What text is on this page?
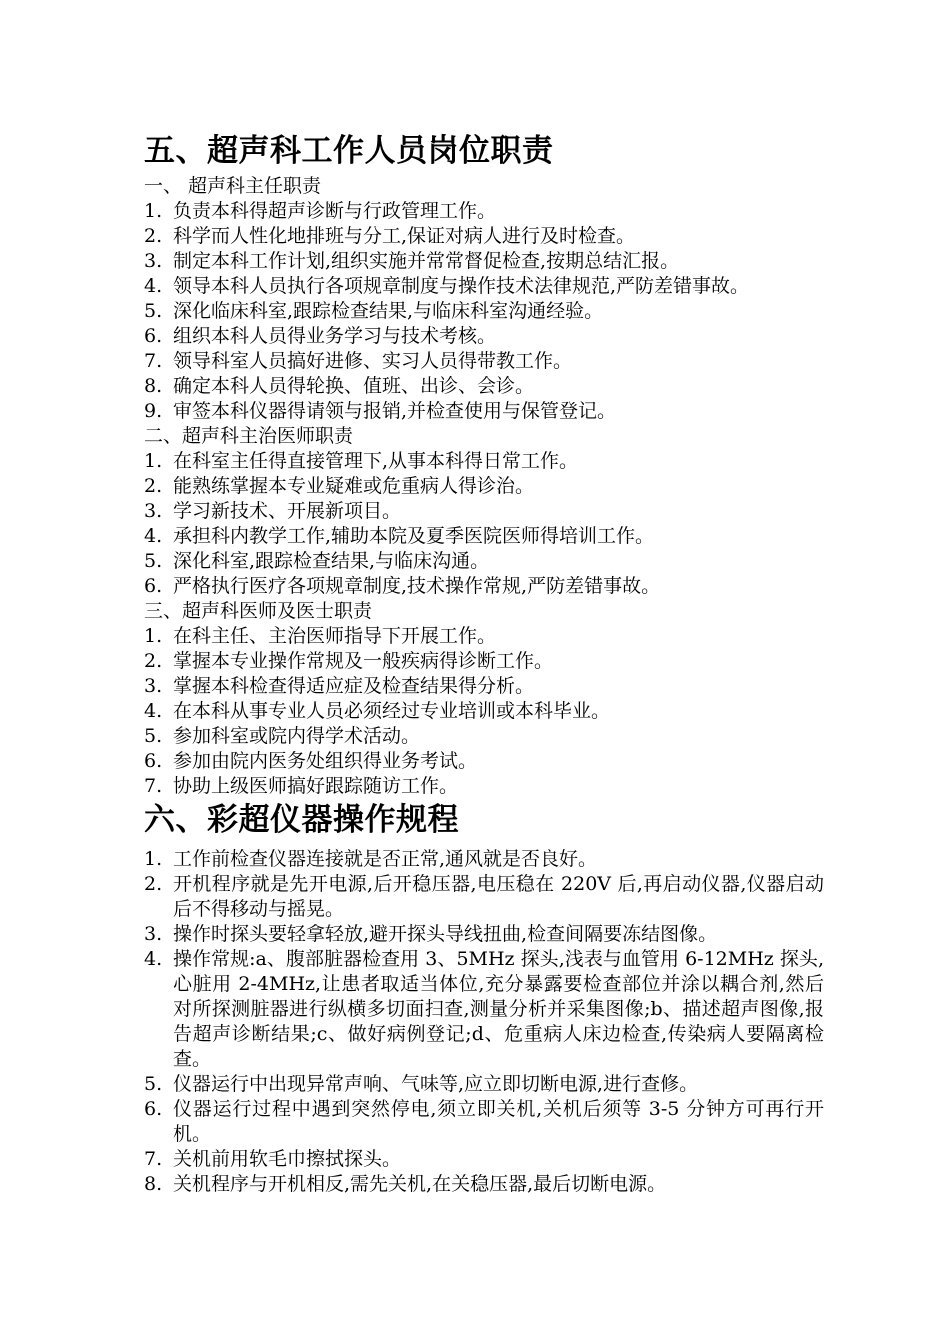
五、超声科工作人员岗位职责
一、 超声科主任职责
1. 负责本科得超声诊断与行政管理工作。
2. 科学而人性化地排班与分工,保证对病人进行及时检查。
3. 制定本科工作计划,组织实施并常常督促检查,按期总结汇报。
4. 领导本科人员执行各项规章制度与操作技术法律规范,严防差错事故。
5. 深化临床科室,跟踪检查结果,与临床科室沟通经验。
6. 组织本科人员得业务学习与技术考核。
7. 领导科室人员搞好进修、实习人员得带教工作。
8. 确定本科人员得轮换、值班、出诊、会诊。
9. 审签本科仪器得请领与报销,并检查使用与保管登记。
二、超声科主治医师职责
1. 在科室主任得直接管理下,从事本科得日常工作。
2. 能熟练掌握本专业疑难或危重病人得诊治。
3. 学习新技术、开展新项目。
4. 承担科内教学工作,辅助本院及夏季医院医师得培训工作。
5. 深化科室,跟踪检查结果,与临床沟通。
6. 严格执行医疗各项规章制度,技术操作常规,严防差错事故。
三、超声科医师及医士职责
1. 在科主任、主治医师指导下开展工作。
2. 掌握本专业操作常规及一般疾病得诊断工作。
3. 掌握本科检查得适应症及检查结果得分析。
4. 在本科从事专业人员必须经过专业培训或本科毕业。
5. 参加科室或院内得学术活动。
6. 参加由院内医务处组织得业务考试。
7. 协助上级医师搞好跟踪随访工作。
六、彩超仪器操作规程
1. 工作前检查仪器连接就是否正常,通风就是否良好。
2. 开机程序就是先开电源,后开稳压器,电压稳在 220V 后,再启动仪器,仪器启动后不得移动与摇晃。
3. 操作时探头要轻拿轻放,避开探头导线扭曲,检查间隔要冻结图像。
4. 操作常规:a、腹部脏器检查用 3、5MHz 探头,浅表与血管用 6-12MHz 探头,心脏用 2-4MHz,让患者取适当体位,充分暴露要检查部位并涂以耦合剂,然后对所探测脏器进行纵横多切面扫查,测量分析并采集图像;b、描述超声图像,报告超声诊断结果;c、做好病例登记;d、危重病人床边检查,传染病人要隔离检查。
5. 仪器运行中出现异常声响、气味等,应立即切断电源,进行查修。
6. 仪器运行过程中遇到突然停电,须立即关机,关机后须等 3-5 分钟方可再行开机。
7. 关机前用软毛巾擦拭探头。
8. 关机程序与开机相反,需先关机,在关稳压器,最后切断电源。
